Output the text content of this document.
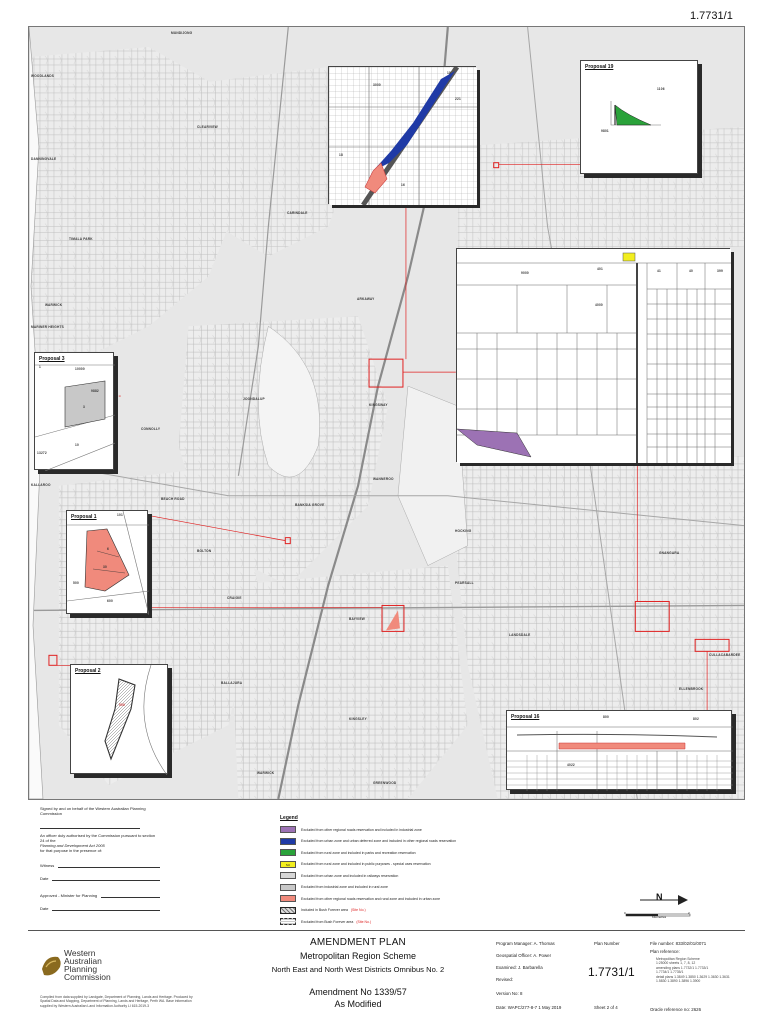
1.7731/1
MUNDIJONG
WOODLANDS
CLEARVIEW
DANNINGVALE
CARINDALE
TIMALA PARK
WARWICK
MARINER HEIGHTS
ARKAWAY
KINGSWAY
JOONDALUP
CONNOLLY
KALLAROO
BEACH ROAD
BANKSIA GROVE
WANNEROO
BOLTON
CRAIGIE
HOCKING
PEARSALL
BAYVIEW
LANDSDALE
GNANGARA
CULLACABARDEE
ELLENBROOK
BALLAJURA
KINGSLEY
WARWICK
GREENWOOD
3000
10
221
18
16
Proposal 19
1106
9801
9000
401
4000
41	40	399
Proposal 3
1	10000
3
9882
10
13272
Proposal 1	101
6
30
500
600
Proposal 2
500
Proposal 16	800	802
4022
Signed by and on behalf of the Western Australian Planning Commission
An officer duly authorised by the Commission pursuant to section 24 of the
Planning and Development Act 2005
for that purpose in the presence of:
Witness
Date
Approved - Minister for Planning
Date
Legend
Excluded from other regional roads reservation and included in industrial zone
Excluded from urban zone and urban deferred zone and included in other regional roads reservation
Excluded from rural zone and included in parks and recreation reservation
SU	Excluded from rural zone and included in public purposes - special uses reservation
Excluded from urban zone and included in railways reservation
Excluded from industrial zone and included in rural zone
Excluded from other regional roads reservation and rural zone and included in urban zone
Included in Bush Forever area (Site No.)
Excluded from Bush Forever area (Site No.)
N
0	2
Kilometres
Western
Australian
Planning
Commission
Compiled from data supplied by Landgate, Department of Planning, Lands and Heritage. Produced by Spatial Data and Mapping, Department of Planning, Lands and Heritage, Perth WA. Base information supplied by Western Australian Land Information Authority LI 615-2019-3
AMENDMENT PLAN
Metropolitan Region Scheme
North East and North West Districts Omnibus No. 2
Amendment No 1339/57
As Modified
Program Manager: A. Thomas
Geospatial Officer: A. Power
Examined: J. Barbarella
Revised:
Version No: 8
Date: WAPC/277-8-7 1 May 2019
Plan Number
1.7731/1
Sheet 2 of 4
File number: 833/02/01/0071
Plan reference:
Metropolitan Region Scheme
1:25000 sheets 1, 7, 8, 12
amending plans 1.7732/1 1.7733/1
1.7734/1 1.7735/1
detail plans 1.3849 1.3850 1.3629 1.3630 1.3631
1.5830 1.3890 1.3896 1.3900
Oracle reference no: 2626
